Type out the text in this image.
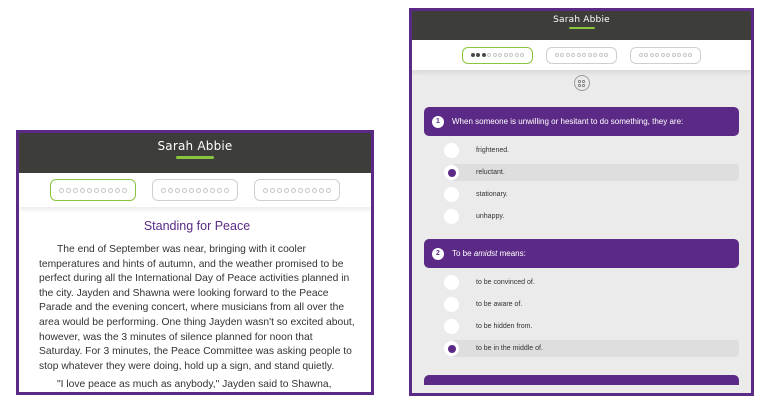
Sarah Abbie
Standing for Peace

The end of September was near, bringing with it cooler temperatures and hints of autumn, and the weather promised to be perfect during all the International Day of Peace activities planned in the city. Jayden and Shawna were looking forward to the Peace Parade and the evening concert, where musicians from all over the area would be performing. One thing Jayden wasn't so excited about, however, was the 3 minutes of silence planned for noon that Saturday. For 3 minutes, the Peace Committee was asking people to stop whatever they were doing, hold up a sign, and stand quietly.

"I love peace as much as anybody," Jayden said to Shawna,

Sarah Abbie
1	When someone is unwilling or hesitant to do something, they are:
frightened.
reluctant.
stationary.
unhappy.
2	To be amidst means:
to be convinced of.
to be aware of.
to be hidden from.
to be in the middle of.
